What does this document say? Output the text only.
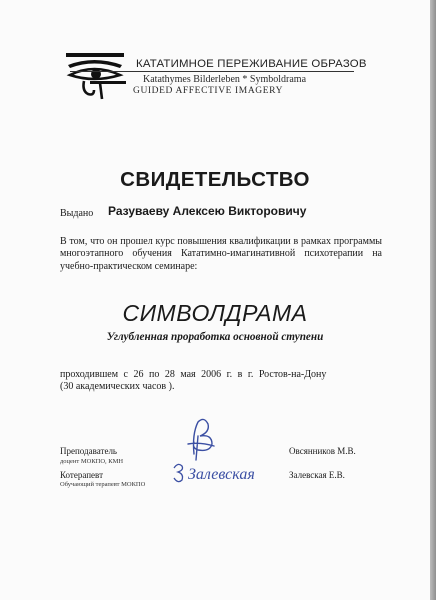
КАТАТИМНОЕ ПЕРЕЖИВАНИЕ ОБРАЗОВ
Katathymes Bilderleben * Symboldrama
GUIDED AFFECTIVE IMAGERY
СВИДЕТЕЛЬСТВО
Выдано Разуваеву Алексею Викторовичу
В том, что он прошел курс повышения квалификации в рамках программы многоэтапного обучения Кататимно-имагинативной психотерапии на учебно-практическом семинаре:
СИМВОЛДРАМА
Углубленная проработка основной ступени
проходившем с 26 по 28 мая 2006 г. в г. Ростов-на-Дону
(30 академических часов ).
Преподаватель
доцент МОКПО, КМН
Овсянников М.В.
Котерапевт
Обучающий терапевт МОКПО
Залевская	Залевская Е.В.
